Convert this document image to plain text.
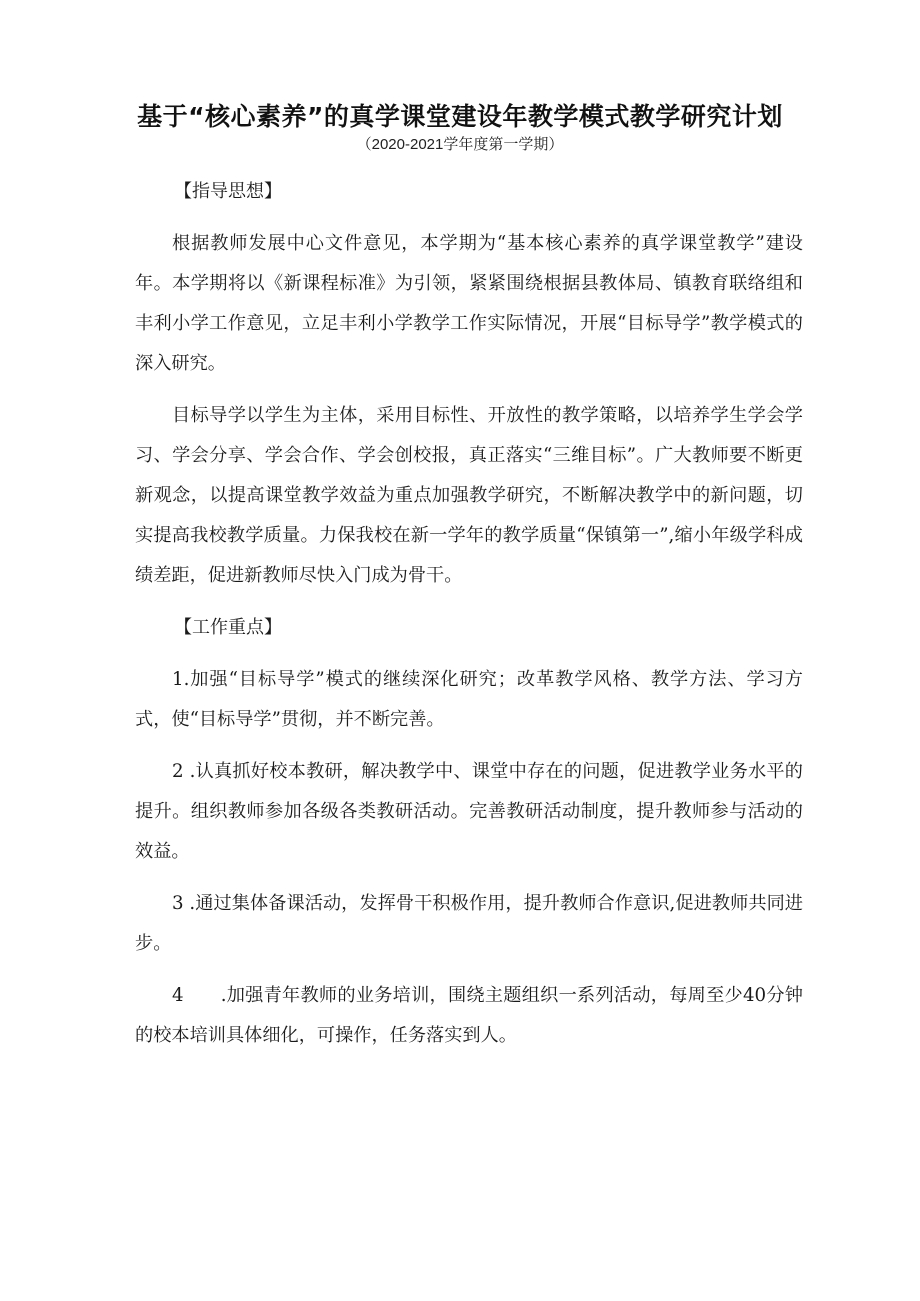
基于“核心素养”的真学课堂建设年教学模式教学研究计划
（2020-2021学年度第一学期）

【指导思想】

根据教师发展中心文件意见，本学期为“基本核心素养的真学课堂教学”建设年。本学期将以《新课程标准》为引领，紧紧围绕根据县教体局、镇教育联络组和丰利小学工作意见，立足丰利小学教学工作实际情况，开展“目标导学”教学模式的深入研究。

目标导学以学生为主体，采用目标性、开放性的教学策略，以培养学生学会学习、学会分享、学会合作、学会创校报，真正落实“三维目标”。广大教师要不断更新观念，以提高课堂教学效益为重点加强教学研究，不断解决教学中的新问题，切实提高我校教学质量。力保我校在新一学年的教学质量“保镇第一”,缩小年级学科成绩差距，促进新教师尽快入门成为骨干。

【工作重点】

1.加强“目标导学”模式的继续深化研究；改革教学风格、教学方法、学习方式，使“目标导学”贯彻，并不断完善。

2 .认真抓好校本教研，解决教学中、课堂中存在的问题，促进教学业务水平的提升。组织教师参加各级各类教研活动。完善教研活动制度，提升教师参与活动的效益。

3 .通过集体备课活动，发挥骨干积极作用，提升教师合作意识,促进教师共同进步。

4　　.加强青年教师的业务培训，围绕主题组织一系列活动，每周至少40分钟的校本培训具体细化，可操作，任务落实到人。
